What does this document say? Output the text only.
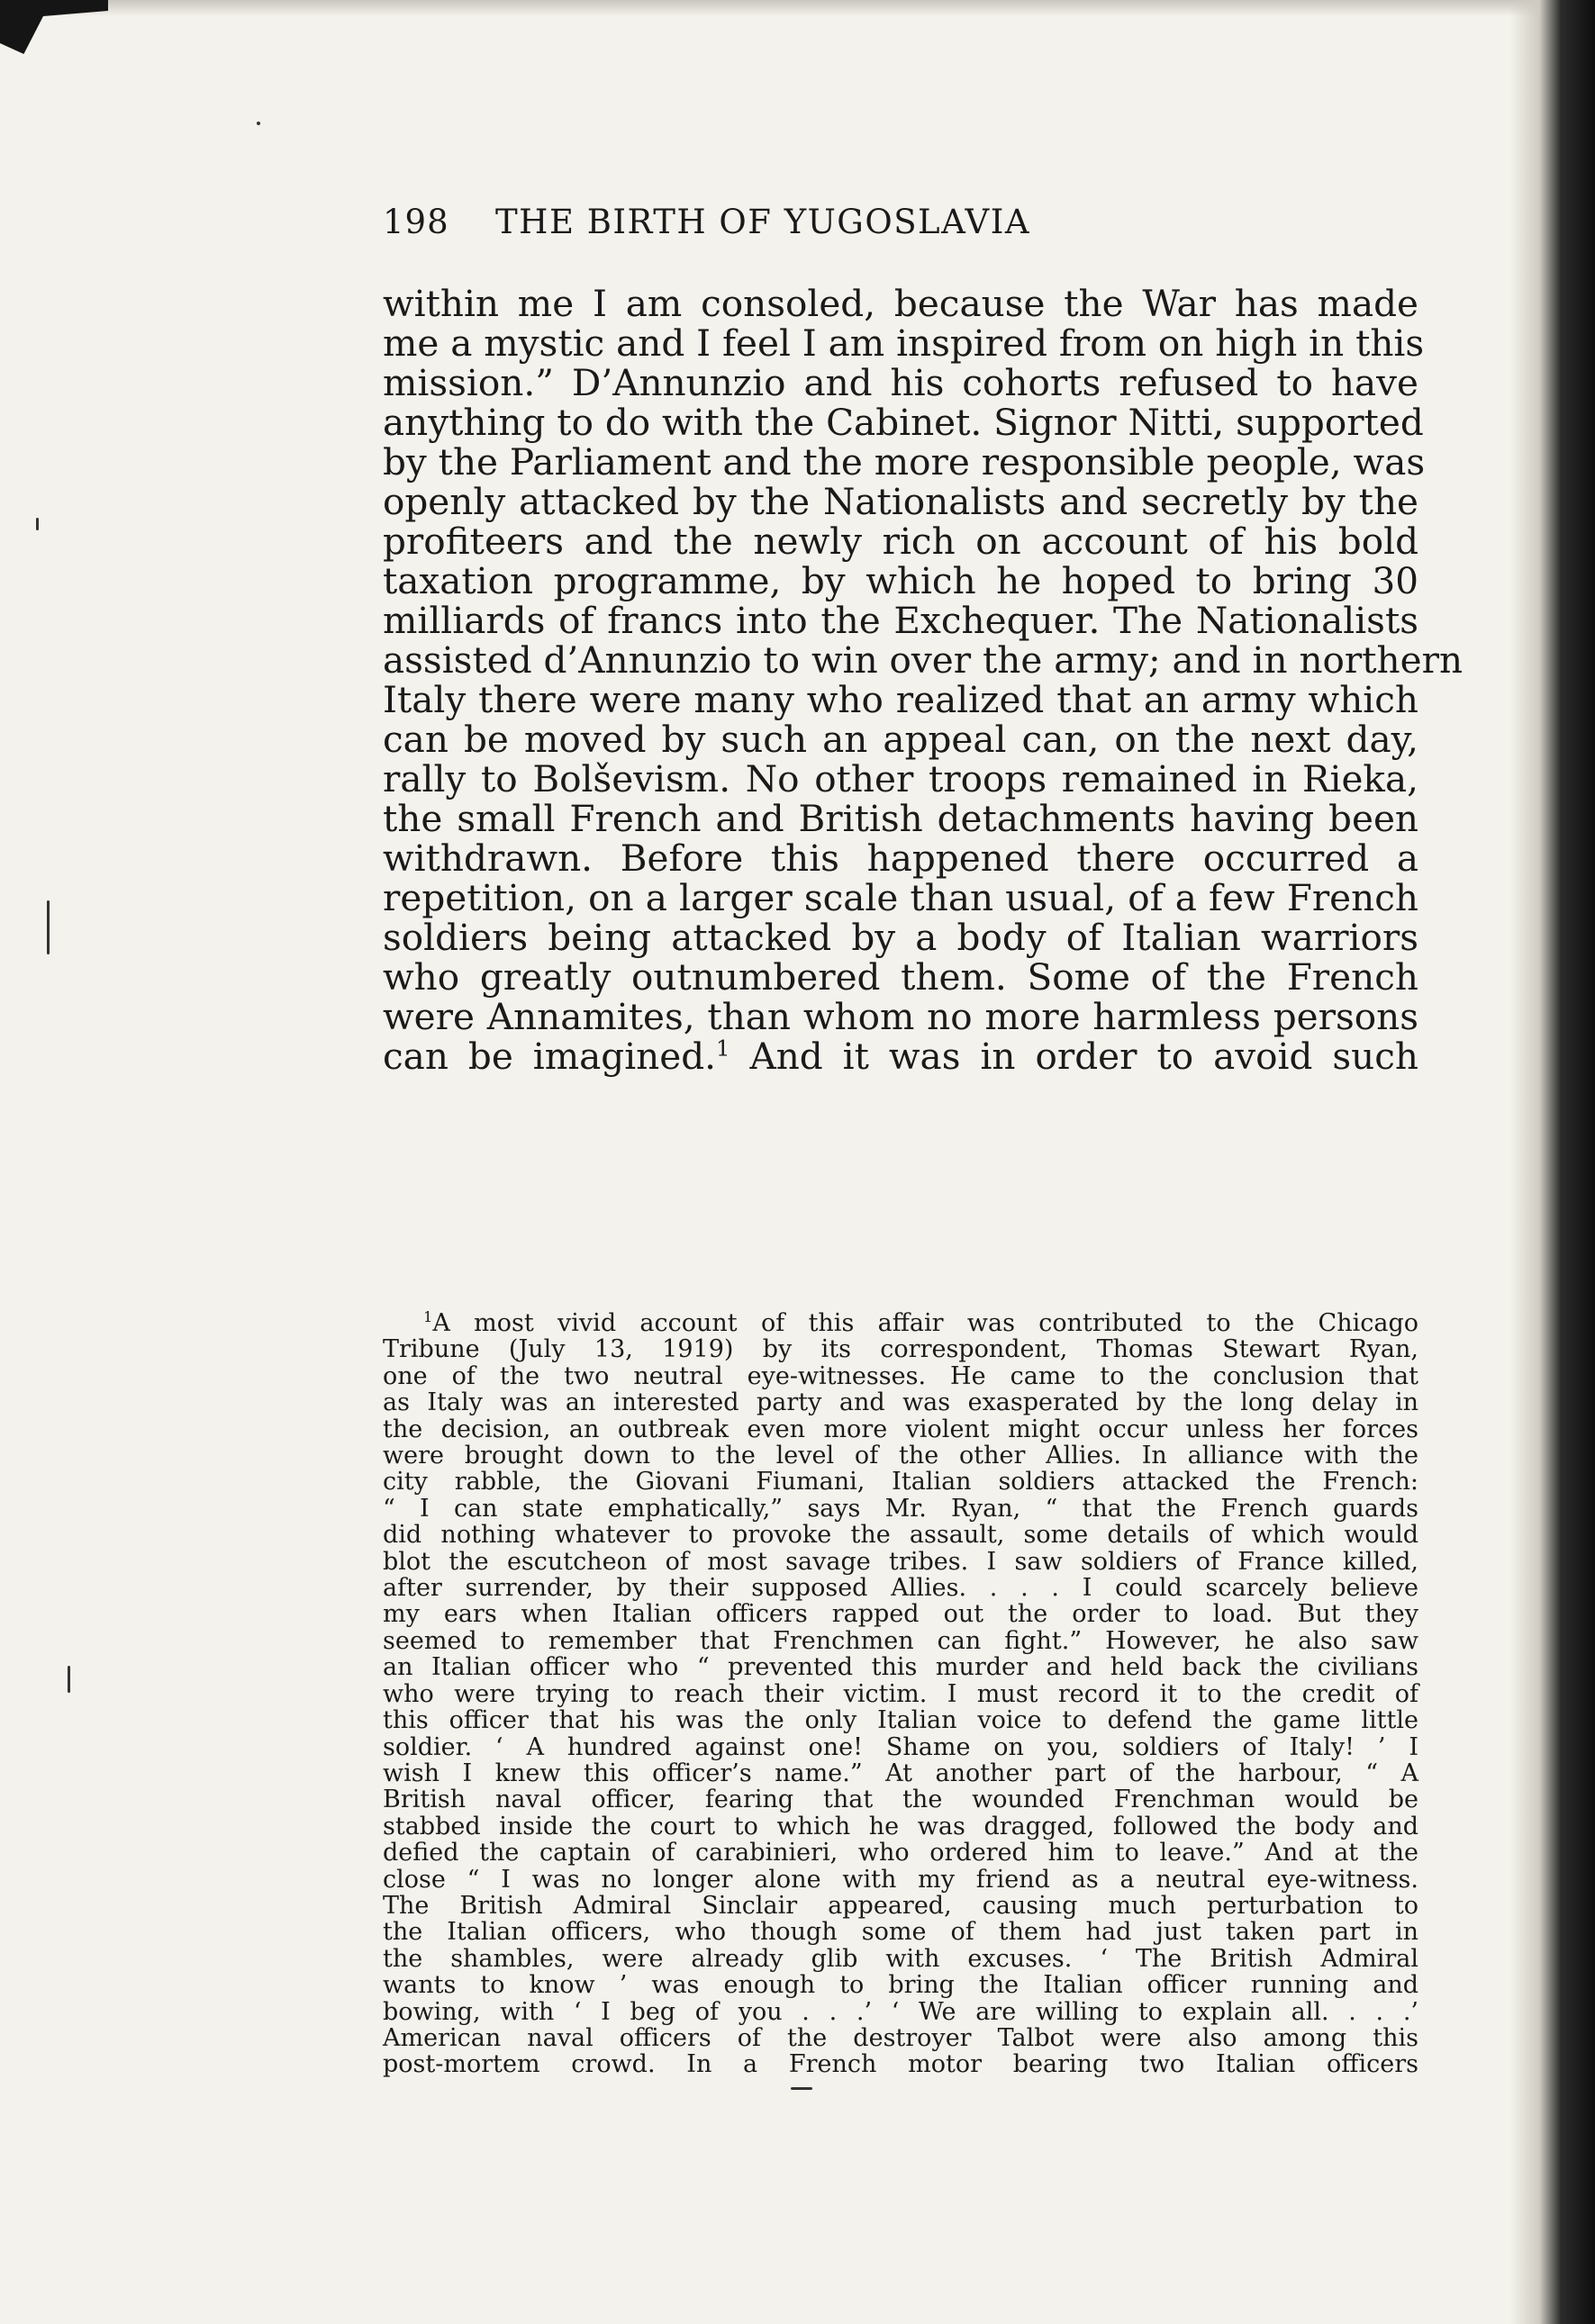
198 THE BIRTH OF YUGOSLAVIA
within me I am consoled, because the War has made
me a mystic and I feel I am inspired from on high in this
mission.” D’Annunzio and his cohorts refused to have
anything to do with the Cabinet. Signor Nitti, supported
by the Parliament and the more responsible people, was
openly attacked by the Nationalists and secretly by the
profiteers and the newly rich on account of his bold
taxation programme, by which he hoped to bring 30
milliards of francs into the Exchequer. The Nationalists
assisted d’Annunzio to win over the army; and in northern
Italy there were many who realized that an army which
can be moved by such an appeal can, on the next day,
rally to Bolševism. No other troops remained in Rieka,
the small French and British detachments having been
withdrawn. Before this happened there occurred a
repetition, on a larger scale than usual, of a few French
soldiers being attacked by a body of Italian warriors
who greatly outnumbered them. Some of the French
were Annamites, than whom no more harmless persons
can be imagined.$^1$ And it was in order to avoid such
$^1$A most vivid account of this affair was contributed to the Chicago
Tribune (July 13, 1919) by its correspondent, Thomas Stewart Ryan,
one of the two neutral eye-witnesses. He came to the conclusion that
as Italy was an interested party and was exasperated by the long delay in
the decision, an outbreak even more violent might occur unless her forces
were brought down to the level of the other Allies. In alliance with the
city rabble, the Giovani Fiumani, Italian soldiers attacked the French:
“ I can state emphatically,” says Mr. Ryan, “ that the French guards
did nothing whatever to provoke the assault, some details of which would
blot the escutcheon of most savage tribes. I saw soldiers of France killed,
after surrender, by their supposed Allies. . . . I could scarcely believe
my ears when Italian officers rapped out the order to load. But they
seemed to remember that Frenchmen can fight.” However, he also saw
an Italian officer who “ prevented this murder and held back the civilians
who were trying to reach their victim. I must record it to the credit of
this officer that his was the only Italian voice to defend the game little
soldier. ‘ A hundred against one! Shame on you, soldiers of Italy! ’ I
wish I knew this officer’s name.” At another part of the harbour, “ A
British naval officer, fearing that the wounded Frenchman would be
stabbed inside the court to which he was dragged, followed the body and
defied the captain of carabinieri, who ordered him to leave.” And at the
close “ I was no longer alone with my friend as a neutral eye-witness.
The British Admiral Sinclair appeared, causing much perturbation to
the Italian officers, who though some of them had just taken part in
the shambles, were already glib with excuses. ‘ The British Admiral
wants to know ’ was enough to bring the Italian officer running and
bowing, with ‘ I beg of you . . .’ ‘ We are willing to explain all. . . .’
American naval officers of the destroyer Talbot were also among this
post-mortem crowd. In a French motor bearing two Italian officers
